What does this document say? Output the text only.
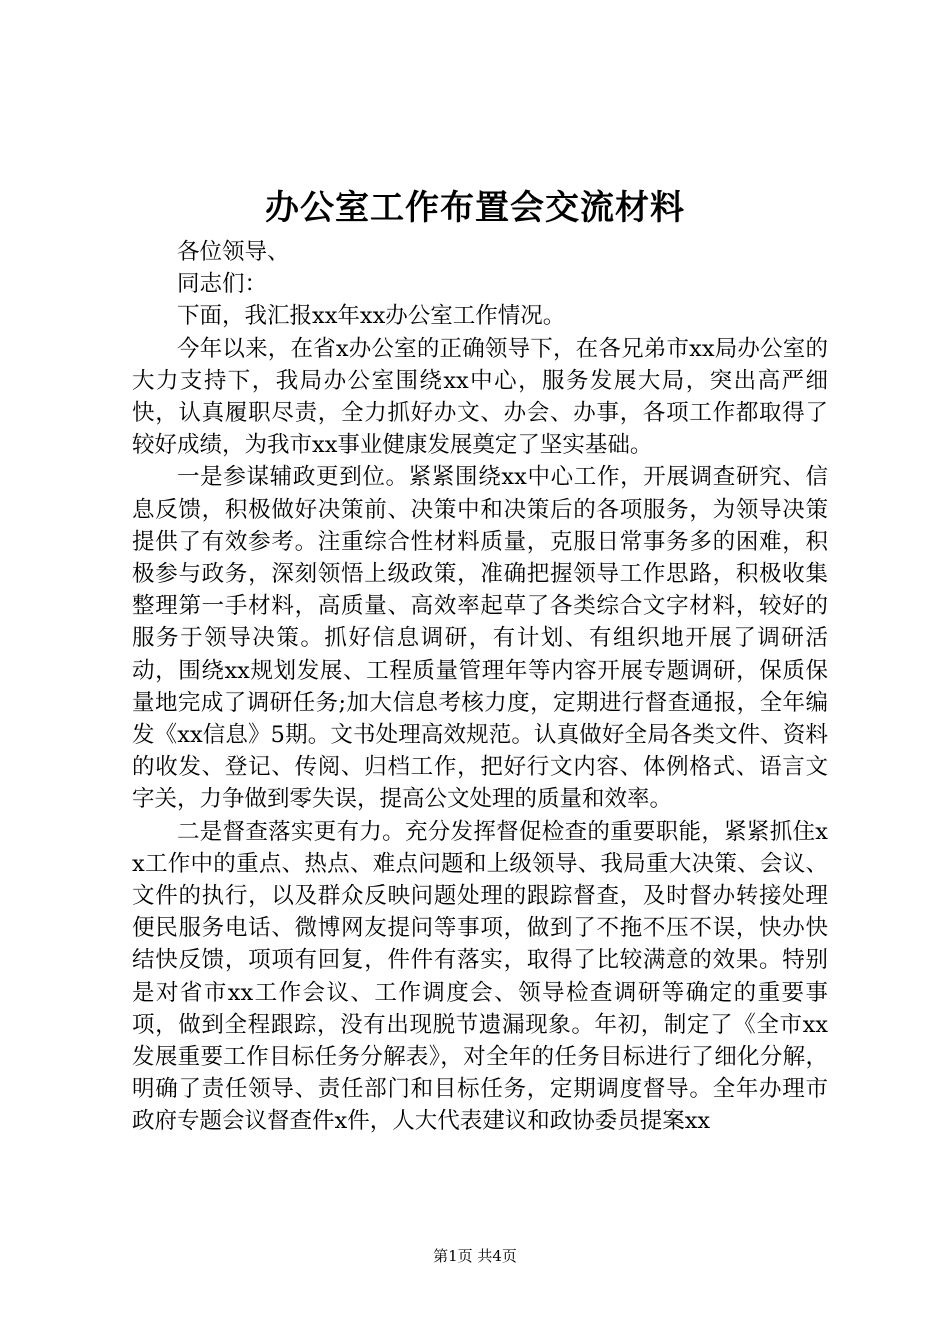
办公室工作布置会交流材料

各位领导、

同志们：

下面，我汇报xx年xx办公室工作情况。

今年以来，在省x办公室的正确领导下，在各兄弟市xx局办公室的大力支持下，我局办公室围绕xx中心，服务发展大局，突出高严细快，认真履职尽责，全力抓好办文、办会、办事，各项工作都取得了较好成绩，为我市xx事业健康发展奠定了坚实基础。

一是参谋辅政更到位。紧紧围绕xx中心工作，开展调查研究、信息反馈，积极做好决策前、决策中和决策后的各项服务，为领导决策提供了有效参考。注重综合性材料质量，克服日常事务多的困难，积极参与政务，深刻领悟上级政策，准确把握领导工作思路，积极收集整理第一手材料，高质量、高效率起草了各类综合文字材料，较好的服务于领导决策。抓好信息调研，有计划、有组织地开展了调研活动，围绕xx规划发展、工程质量管理年等内容开展专题调研，保质保量地完成了调研任务;加大信息考核力度，定期进行督查通报，全年编发《xx信息》5期。文书处理高效规范。认真做好全局各类文件、资料的收发、登记、传阅、归档工作，把好行文内容、体例格式、语言文字关，力争做到零失误，提高公文处理的质量和效率。

二是督查落实更有力。充分发挥督促检查的重要职能，紧紧抓住xx工作中的重点、热点、难点问题和上级领导、我局重大决策、会议、文件的执行，以及群众反映问题处理的跟踪督查，及时督办转接处理便民服务电话、微博网友提问等事项，做到了不拖不压不误，快办快结快反馈，项项有回复，件件有落实，取得了比较满意的效果。特别是对省市xx工作会议、工作调度会、领导检查调研等确定的重要事项，做到全程跟踪，没有出现脱节遗漏现象。年初，制定了《全市xx发展重要工作目标任务分解表》，对全年的任务目标进行了细化分解，明确了责任领导、责任部门和目标任务，定期调度督导。全年办理市政府专题会议督查件x件，人大代表建议和政协委员提案xx

第1页 共4页
